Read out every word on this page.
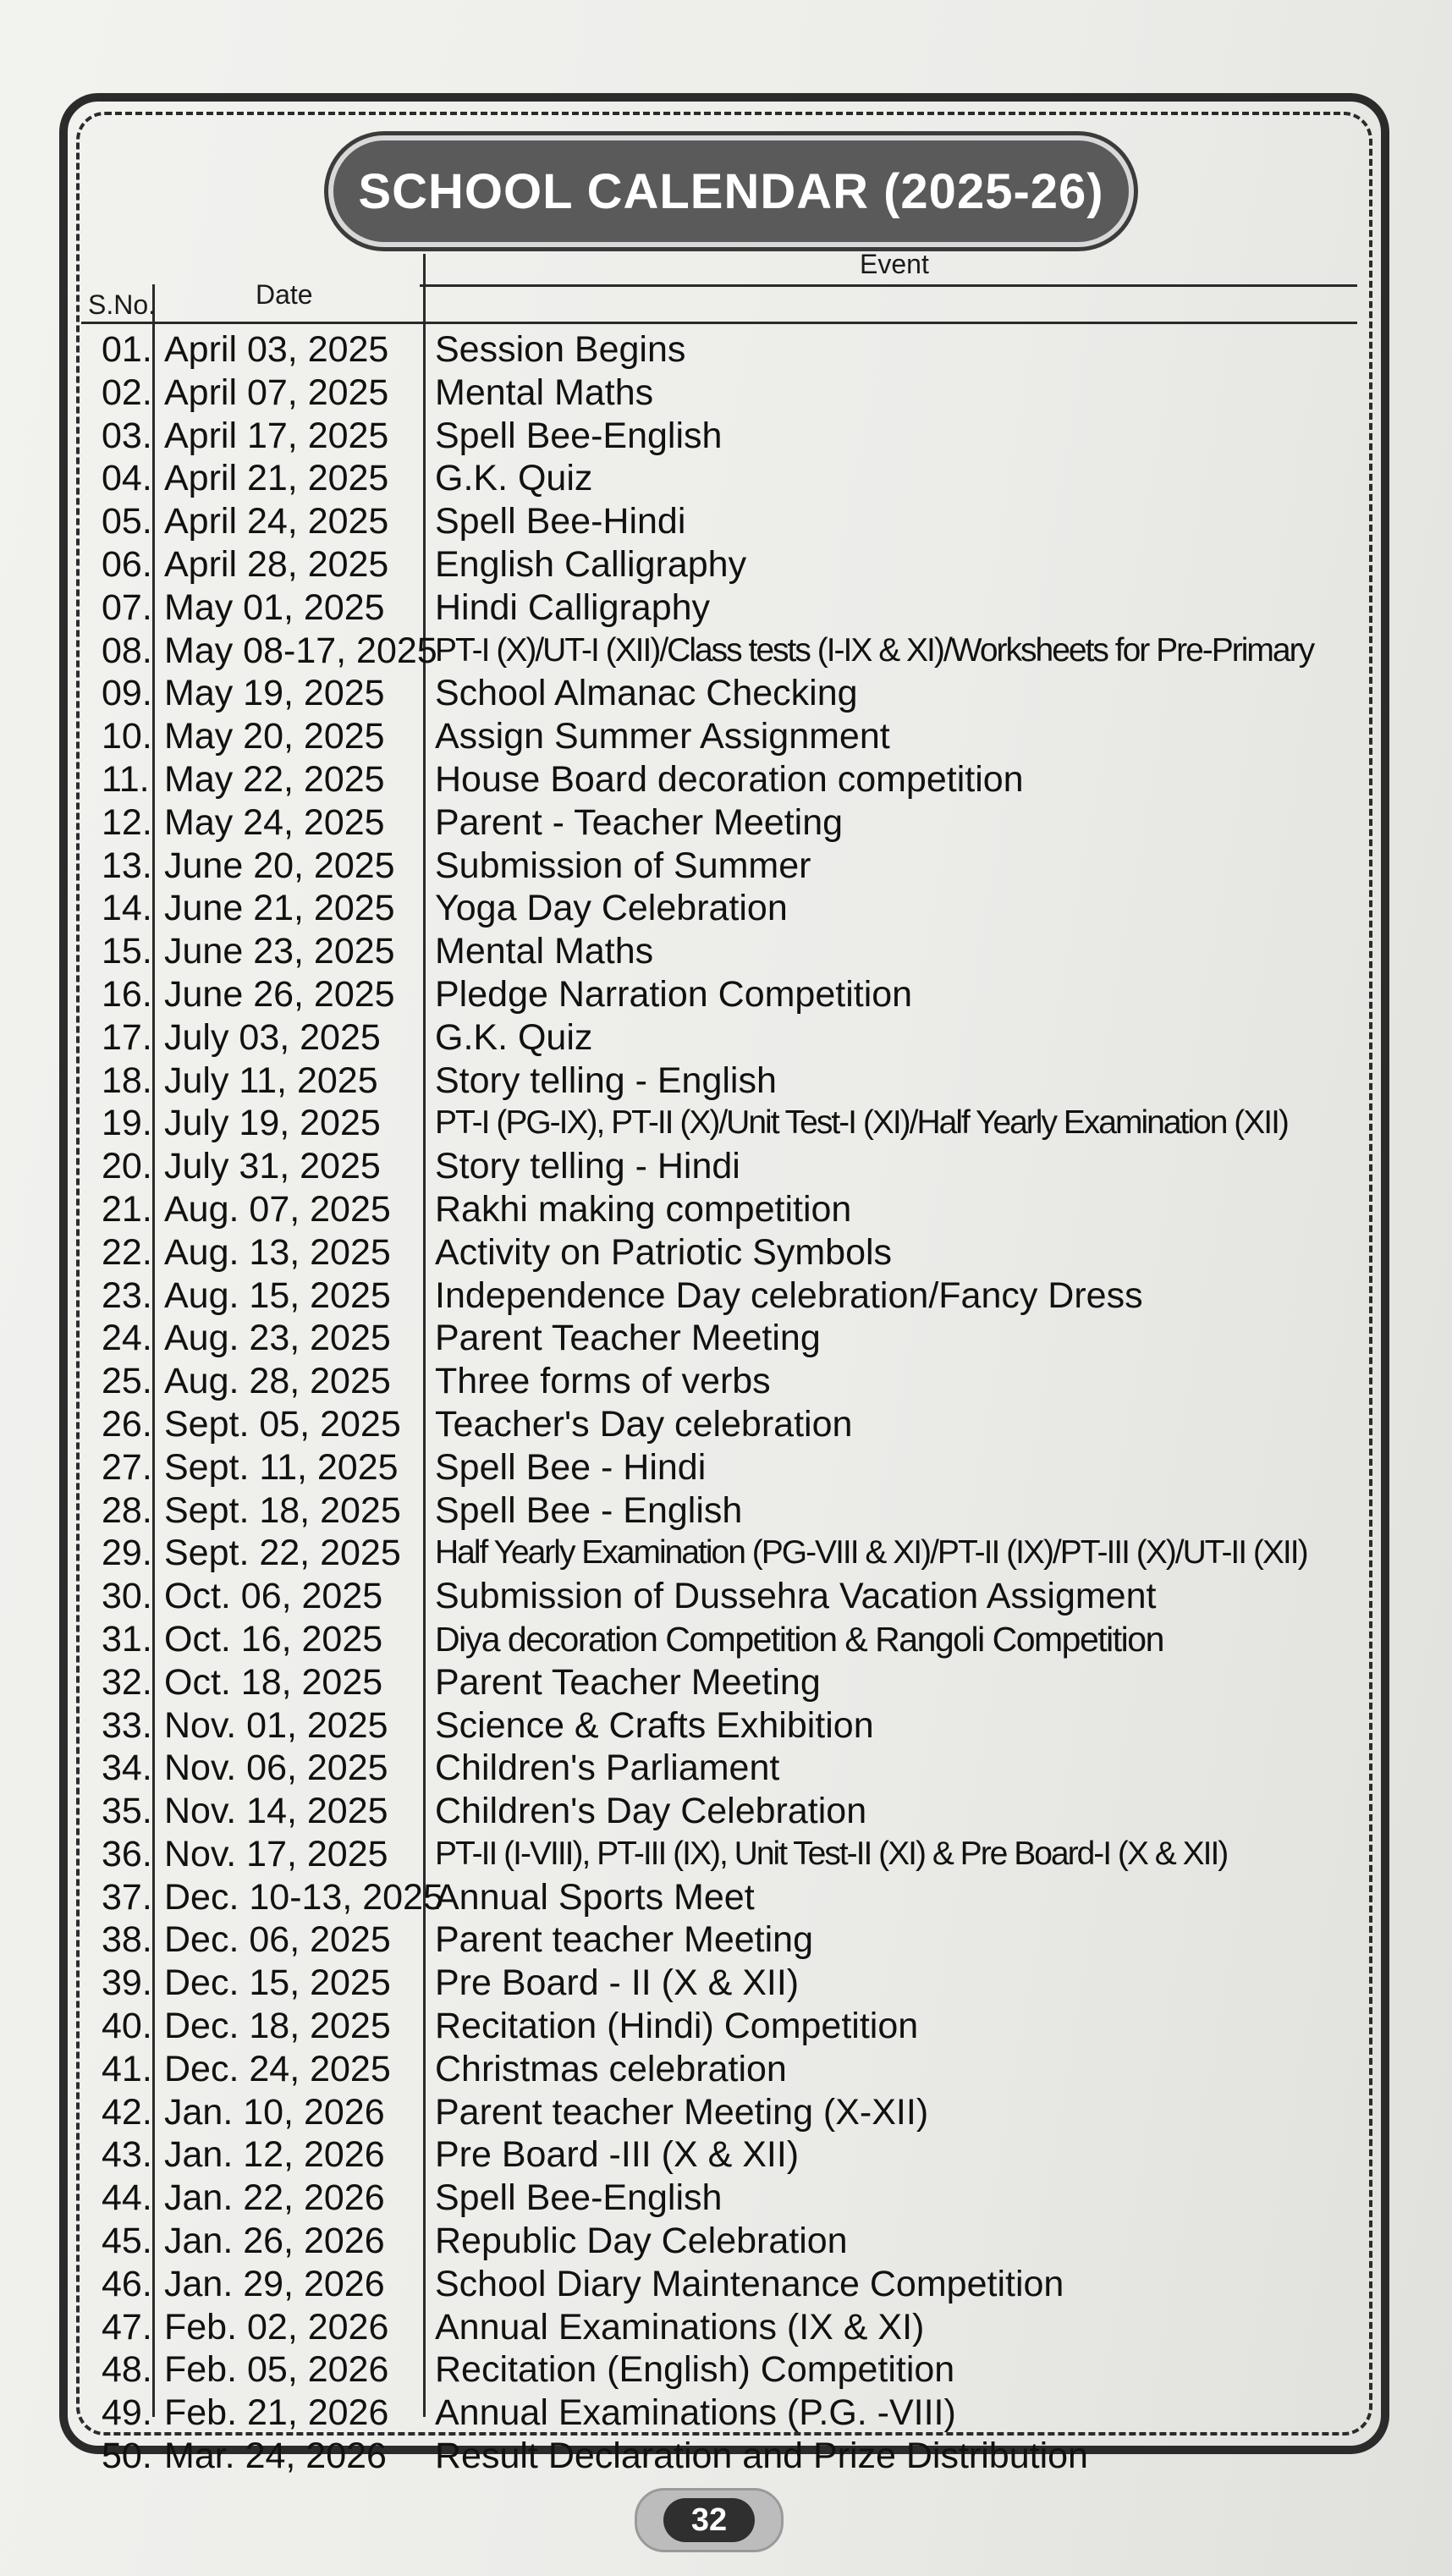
SCHOOL CALENDAR (2025-26)
S.No.	Date
Event
01. April 03, 2025 Session Begins
02. April 07, 2025 Mental Maths
03. April 17, 2025 Spell Bee-English
04. April 21, 2025 G.K. Quiz
05. April 24, 2025 Spell Bee-Hindi
06. April 28, 2025 English Calligraphy
07. May 01, 2025 Hindi Calligraphy
08. May 08-17, 2025
PT-I (X)/UT-I (XII)/Class tests (I-IX & XI)/Worksheets for Pre-Primary
09. May 19, 2025 School Almanac Checking
10. May 20, 2025 Assign Summer Assignment
11. May 22, 2025 House Board decoration competition
12. May 24, 2025 Parent - Teacher Meeting
13. June 20, 2025 Submission of Summer
14. June 21, 2025 Yoga Day Celebration
15. June 23, 2025 Mental Maths
16. June 26, 2025 Pledge Narration Competition
17. July 03, 2025 G.K. Quiz
18. July 11, 2025 Story telling - English
19. July 19, 2025 PT-I (PG-IX), PT-II (X)/Unit Test-I (XI)/Half Yearly Examination (XII)
20. July 31, 2025 Story telling - Hindi
21. Aug. 07, 2025 Rakhi making competition
22. Aug. 13, 2025 Activity on Patriotic Symbols
23. Aug. 15, 2025 Independence Day celebration/Fancy Dress
24. Aug. 23, 2025 Parent Teacher Meeting
25. Aug. 28, 2025 Three forms of verbs
26. Sept. 05, 2025 Teacher's Day celebration
27. Sept. 11, 2025 Spell Bee - Hindi
28. Sept. 18, 2025 Spell Bee - English
29. Sept. 22, 2025 Half Yearly Examination (PG-VIII & XI)/PT-II (IX)/PT-III (X)/UT-II (XII)
30. Oct. 06, 2025 Submission of Dussehra Vacation Assigment
31. Oct. 16, 2025 Diya decoration Competition & Rangoli Competition
32. Oct. 18, 2025 Parent Teacher Meeting
33. Nov. 01, 2025 Science & Crafts Exhibition
34. Nov. 06, 2025 Children's Parliament
35. Nov. 14, 2025 Children's Day Celebration
36. Nov. 17, 2025 PT-II (I-VIII), PT-III (IX), Unit Test-II (XI) & Pre Board-I (X & XII)
37. Dec. 10-13, 2025
Annual Sports Meet
38. Dec. 06, 2025 Parent teacher Meeting
39. Dec. 15, 2025 Pre Board - II (X & XII)
40. Dec. 18, 2025 Recitation (Hindi) Competition
41. Dec. 24, 2025 Christmas celebration
42. Jan. 10, 2026 Parent teacher Meeting (X-XII)
43. Jan. 12, 2026 Pre Board -III (X & XII)
44. Jan. 22, 2026 Spell Bee-English
45. Jan. 26, 2026 Republic Day Celebration
46. Jan. 29, 2026 School Diary Maintenance Competition
47. Feb. 02, 2026 Annual Examinations (IX & XI)
48. Feb. 05, 2026 Recitation (English) Competition
49. Feb. 21, 2026 Annual Examinations (P.G. -VIII)
50. Mar. 24, 2026 Result Declaration and Prize Distribution
32
